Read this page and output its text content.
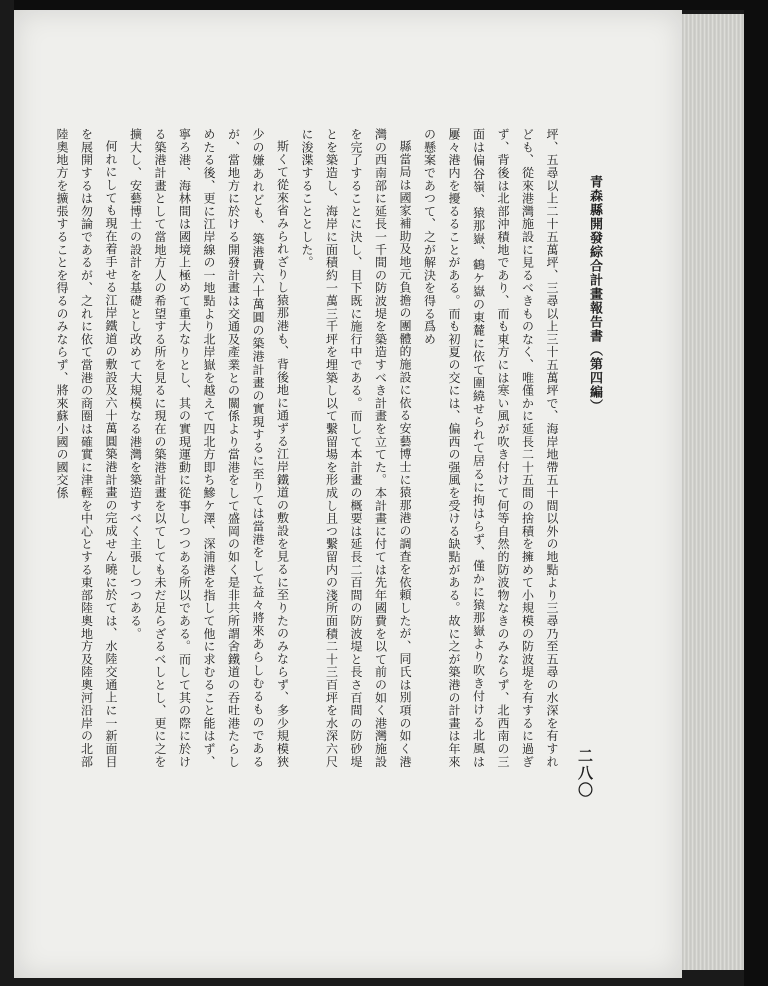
青森縣開發綜合計畫報告書（第四編）
二八〇

坪、五尋以上二十五萬坪、三尋以上三十五萬坪で、海岸地帶五十間以外の地點より三尋乃至五尋の水深を有すれども、從來港灣施設に見るべきものなく、唯僅かに延長二十五間の捨積を擁めて小規模の防波堤を有するに過ぎず、背後は北部沖積地であり、而も東方には寒い風が吹き付けて何等自然的防波物なきのみならず、北西南の三面は偏谷嶺、猿那嶽、鶴ケ嶽の東麓に依て圍繞せられて居るに拘はらず、僅かに猿那嶽より吹き付ける北風は屢々港内を擾るることがある。而も初夏の交には、偏西の强風を受ける缺點がある。故に之が築港の計畫は年來の懸案であつて、之が解決を得る爲め

縣當局は國家補助及地元負擔の團體的施設に依る安藝博士に猿那港の調査を依頼したが、同氏は別項の如く港灣の西南部に延長一千間の防波堤を築造すべき計畫を立てた。本計畫に付ては先年國費を以て前の如く港灣施設を完了することに決し、目下既に施行中である。而して本計畫の概要は延長二百間の防波堤と長さ百間の防砂堤とを築造し、海岸に面積約一萬三千坪を埋築し以て繫留場を形成し且つ繫留内の淺所面積二十三百坪を水深六尺に浚渫することとした。

斯くて從來省みられざりし猿那港も、背後地に通ずる江岸鐵道の敷設を見るに至りたのみならず、多少規模狹少の嫌あれども、築港費六十萬圓の築港計畫の實現するに至りては當港をして益々將來あらしむるものであるが、當地方に於ける開發計畫は交通及產業との關係より當港をして盛岡の如く是非共所謂舍鐵道の吞吐港たらしめたる後、更に江岸線の一地點より北岸嶽を越えて四北方即ち鰺ケ澤、深浦港を指して他に求むること能はず、寧ろ港、海林間は國境上極めて重大なりとし、其の實現運動に從事しつつある所以である。而して其の際に於ける築港計畫として當地方人の希望する所を見るに現在の築港計畫を以てしても未だ足らざるべしとし、更に之を擴大し、安藝博士の設計を基礎とし改めて大規模なる港灣を築造すべく主張しつつある。

何れにしても現在着手せる江岸鐵道の敷設及六十萬圓築港計畫の完成せん曉に於ては、水陸交通上に一新面目を展開するは勿論であるが、之れに依て當港の商圈は確實に津輕を中心とする東部陸奧地方及陸奧河沿岸の北部陸奧地方を擴張することを得るのみならず、將來蘇小國の國交係
